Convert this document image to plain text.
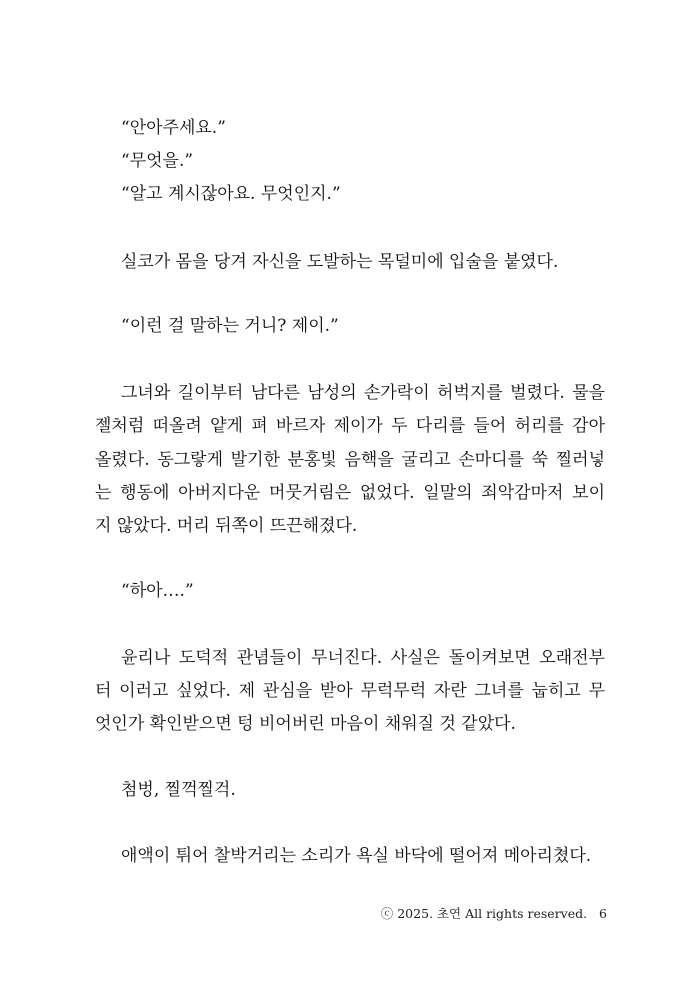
“안아주세요.”

“무엇을.”

“알고 계시잖아요. 무엇인지.”

실코가 몸을 당겨 자신을 도발하는 목덜미에 입술을 붙였다.

“이런 걸 말하는 거니? 제이.”

그녀와 길이부터 남다른 남성의 손가락이 허벅지를 벌렸다. 물을

젤처럼 떠올려 얕게 펴 바르자 제이가 두 다리를 들어 허리를 감아

올렸다. 동그랗게 발기한 분홍빛 음핵을 굴리고 손마디를 쑥 찔러넣

는 행동에 아버지다운 머뭇거림은 없었다. 일말의 죄악감마저 보이

지 않았다. 머리 뒤쪽이 뜨끈해졌다.

“하아….”

윤리나 도덕적 관념들이 무너진다. 사실은 돌이켜보면 오래전부

터 이러고 싶었다. 제 관심을 받아 무럭무럭 자란 그녀를 눕히고 무

엇인가 확인받으면 텅 비어버린 마음이 채워질 것 같았다.

첨벙, 찔꺽찔걱.

애액이 튀어 찰박거리는 소리가 욕실 바닥에 떨어져 메아리쳤다.

ⓒ 2025. 초연 All rights reserved. 6
